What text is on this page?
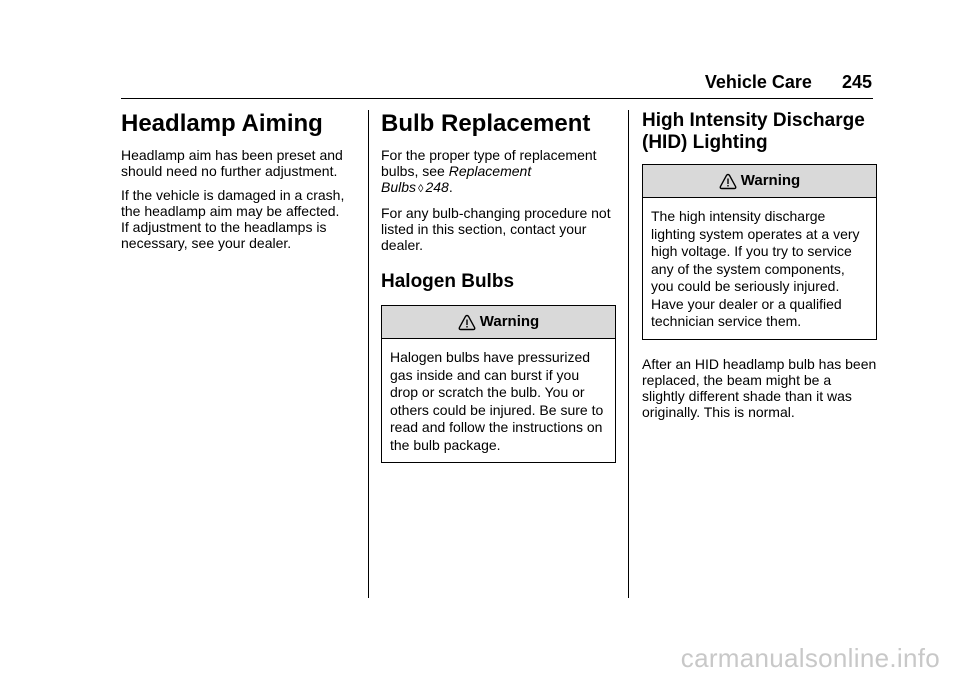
Vehicle Care 245
Headlamp Aiming

Headlamp aim has been preset and should need no further adjustment.

If the vehicle is damaged in a crash,
the headlamp aim may be affected.
If adjustment to the headlamps is
necessary, see your dealer.

Bulb Replacement

For the proper type of replacement bulbs, see Replacement
Bulbs ◊ 248.

For any bulb-changing procedure not listed in this section, contact your dealer.

Halogen Bulbs
Warning
Halogen bulbs have pressurized gas inside and can burst if you drop or scratch the bulb. You or others could be injured. Be sure to read and follow the instructions on the bulb package.
High Intensity Discharge
(HID) Lighting
Warning
The high intensity discharge lighting system operates at a very high voltage. If you try to service any of the system components, you could be seriously injured. Have your dealer or a qualified technician service them.

After an HID headlamp bulb has been replaced, the beam might be a slightly different shade than it was originally. This is normal.

carmanualsonline.info
